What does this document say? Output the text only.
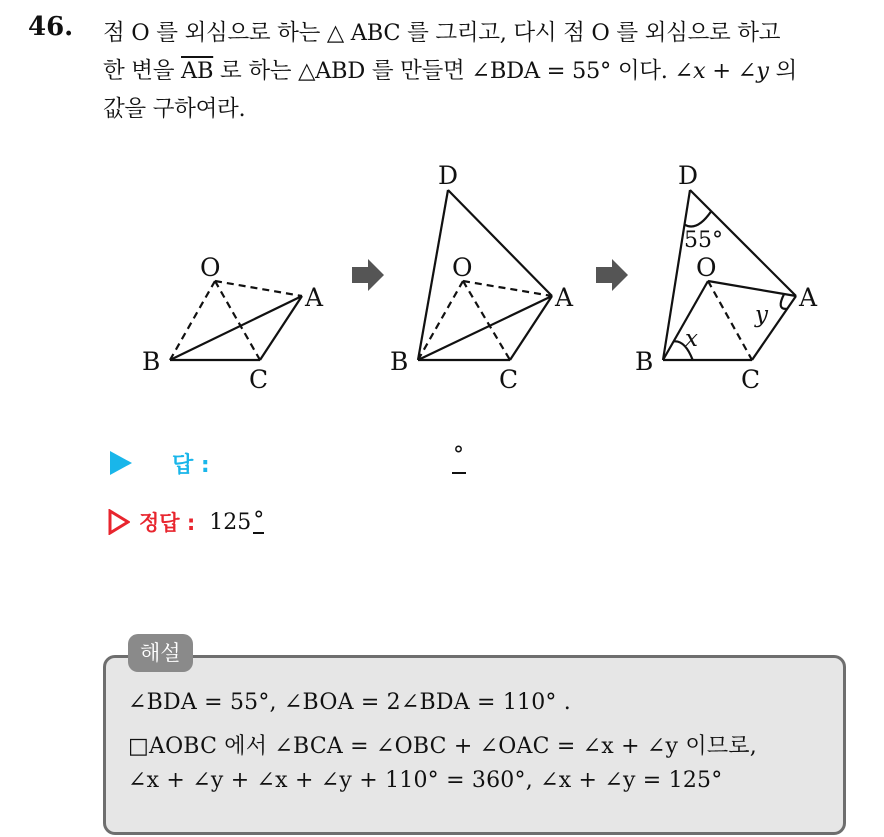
46. 점 O 를 외심으로 하는 △ ABC 를 그리고, 다시 점 O 를 외심으로 하고
한 변을 $\overline{AB}$ 로 하는 △ABD 를 만들면 ∠BDA = 55° 이다. ∠x + ∠y 의
값을 구하여라.
O
A
B
C
D
O
A
B
C
D
55°
O
A
y
x
B
C
답 :	°
정답 : 125 °
해설
∠BDA = 55°, ∠BOA = 2∠BDA = 110° .
□AOBC 에서 ∠BCA = ∠OBC + ∠OAC = ∠x + ∠y 이므로,
∠x + ∠y + ∠x + ∠y + 110° = 360°, ∠x + ∠y = 125°
